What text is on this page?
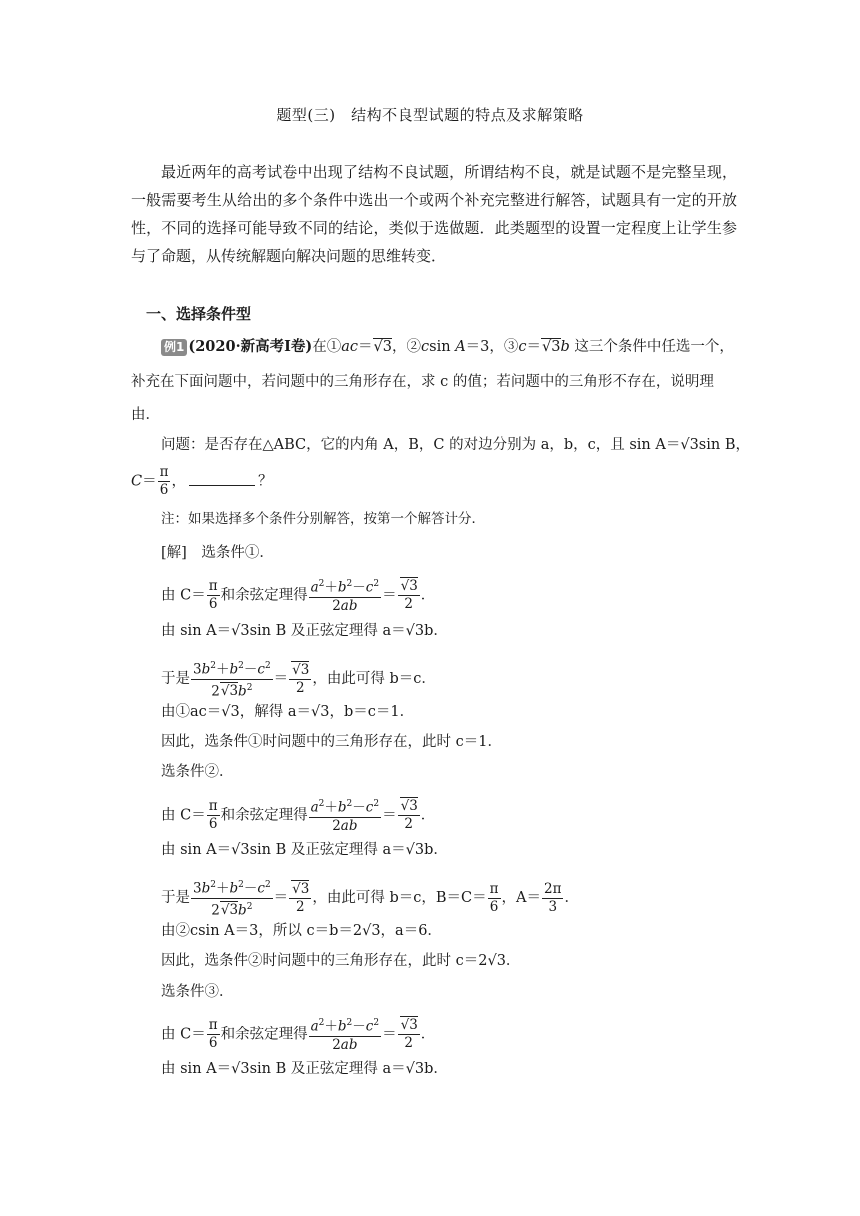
题型(三)　结构不良型试题的特点及求解策略
最近两年的高考试卷中出现了结构不良试题，所谓结构不良，就是试题不是完整呈现，一般需要考生从给出的多个条件中选出一个或两个补充完整进行解答，试题具有一定的开放性，不同的选择可能导致不同的结论，类似于选做题．此类题型的设置一定程度上让学生参与了命题，从传统解题向解决问题的思维转变．
一、选择条件型
例1 (2020·新高考Ⅰ卷)在①ac＝ √ 3，②csin A＝3，③c＝ √ 3b 这三个条件中任选一个，
补充在下面问题中，若问题中的三角形存在，求 c 的值；若问题中的三角形不存在，说明理
由．
问题：是否存在△ABC，它的内角 A，B，C 的对边分别为 a，b，c，且 sin A＝√3sin B，
$C= \frac{\pi}{6}$ ，	？
注：如果选择多个条件分别解答，按第一个解答计分．
[解]　 选条件①．
由 $C= \frac{\pi}{6}$ 和余弦定理得 $\frac{a^2+b^2-c^2}{2ab}$ ＝ √ $\frac{3}{2}$ ．
由 sin A＝√3sin B 及正弦定理得 a＝√3b．
于是 $\frac{3b^2+b^2-c^2}{2 √ 3b^2}$ ＝ √ $\frac{3}{2}$ ，由此可得 b＝c．
由①ac＝√3，解得 a＝√3，b＝c＝1．
因此，选条件①时问题中的三角形存在，此时 c＝1．
选条件②．
由 $C= \frac{\pi}{6}$ 和余弦定理得 $\frac{a^2+b^2-c^2}{2ab}$ ＝ √ $\frac{3}{2}$ ．
由 sin A＝√3sin B 及正弦定理得 a＝√3b．
于是 $\frac{3b^2+b^2-c^2}{2 √ 3b^2}$ ＝ √ $\frac{3}{2}$ ，由此可得 b＝c，$B=C= \frac{\pi}{6}$ ，$A= \frac{2\pi}{3}$ ．
由②csin A＝3，所以 c＝b＝2√3，a＝6．
因此，选条件②时问题中的三角形存在，此时 c＝2√3．
选条件③．
由 $C= \frac{\pi}{6}$ 和余弦定理得 $\frac{a^2+b^2-c^2}{2ab}$ ＝ √ $\frac{3}{2}$ ．
由 sin A＝√3sin B 及正弦定理得 a＝√3b．
